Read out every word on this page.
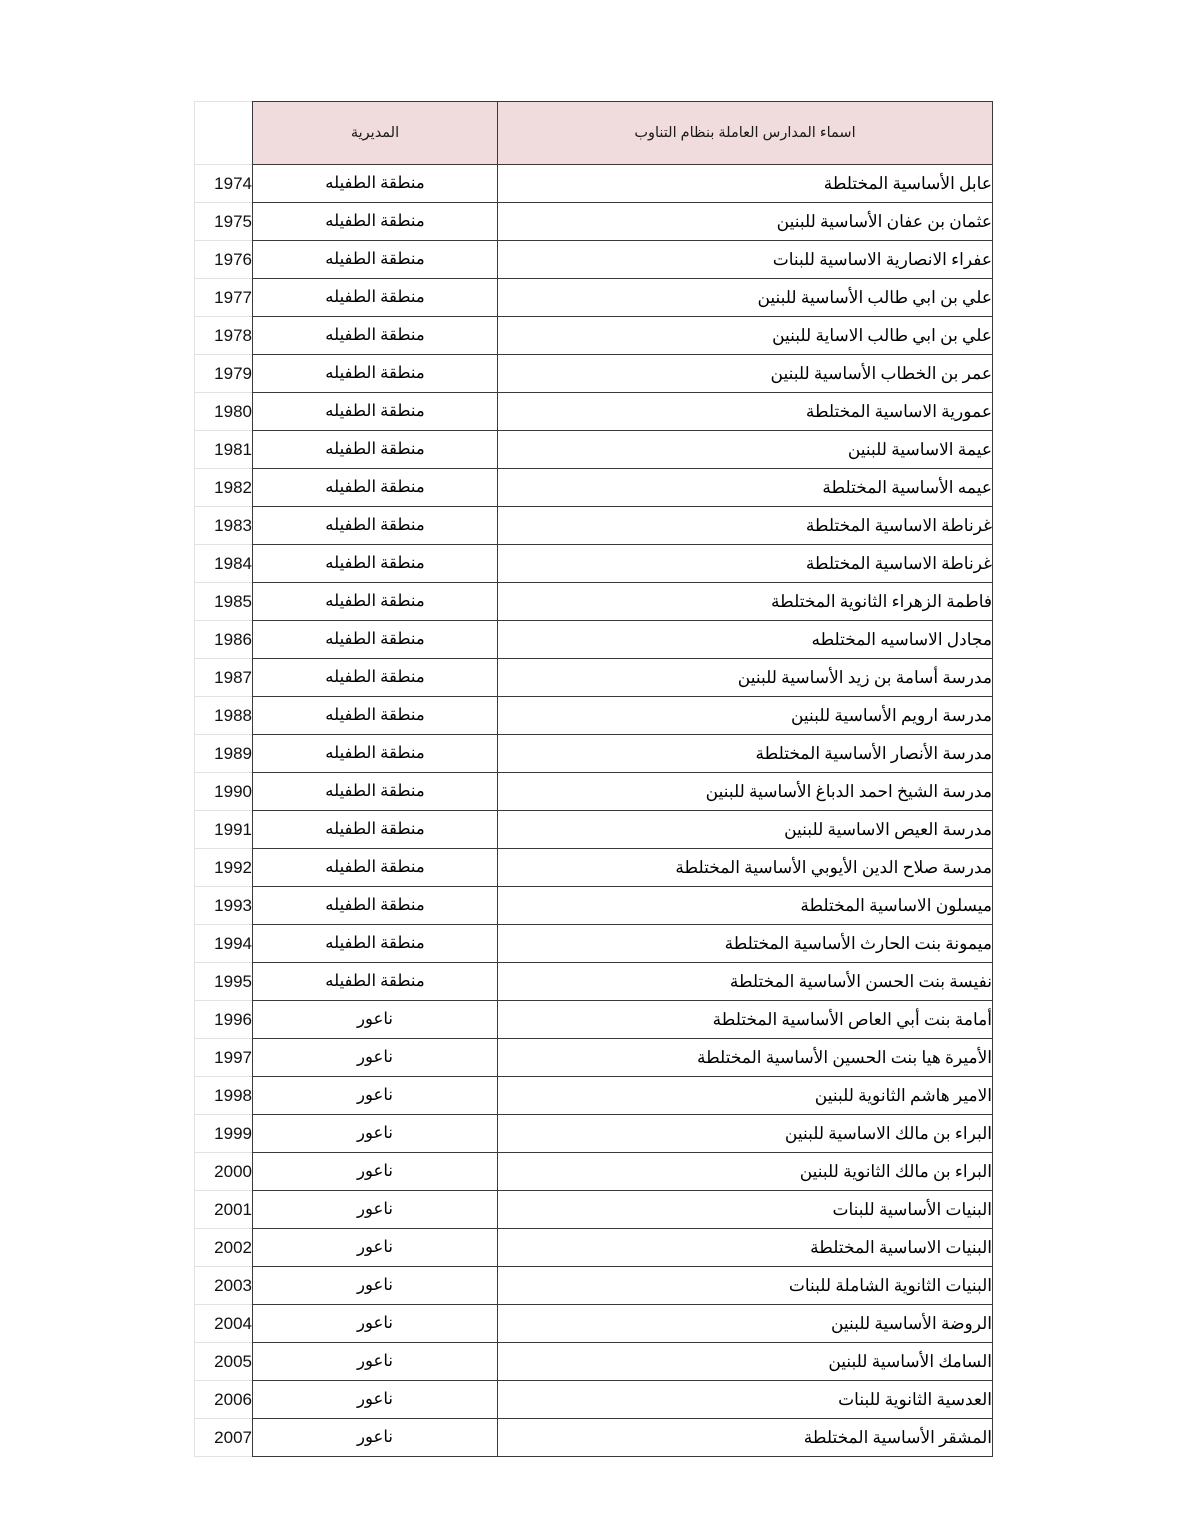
اسماء المدارس العاملة بنظام التناوب	المديرية	
عابل الأساسية المختلطة	منطقة الطفيله	1974
عثمان بن عفان الأساسية للبنين	منطقة الطفيله	1975
عفراء الانصارية الاساسية للبنات	منطقة الطفيله	1976
علي بن ابي طالب الأساسية للبنين	منطقة الطفيله	1977
علي بن ابي طالب الاساية للبنين	منطقة الطفيله	1978
عمر بن الخطاب الأساسية للبنين	منطقة الطفيله	1979
عمورية الاساسية المختلطة	منطقة الطفيله	1980
عيمة الاساسية للبنين	منطقة الطفيله	1981
عيمه الأساسية المختلطة	منطقة الطفيله	1982
غرناطة الاساسية المختلطة	منطقة الطفيله	1983
غرناطة الاساسية المختلطة	منطقة الطفيله	1984
فاطمة الزهراء الثانوية المختلطة	منطقة الطفيله	1985
مجادل الاساسيه المختلطه	منطقة الطفيله	1986
مدرسة أسامة بن زيد الأساسية للبنين	منطقة الطفيله	1987
مدرسة ارويم الأساسية للبنين	منطقة الطفيله	1988
مدرسة الأنصار الأساسية المختلطة	منطقة الطفيله	1989
مدرسة الشيخ احمد الدباغ الأساسية للبنين	منطقة الطفيله	1990
مدرسة العيص الاساسية للبنين	منطقة الطفيله	1991
مدرسة صلاح الدين الأيوبي الأساسية المختلطة	منطقة الطفيله	1992
ميسلون الاساسية المختلطة	منطقة الطفيله	1993
ميمونة بنت الحارث الأساسية المختلطة	منطقة الطفيله	1994
نفيسة بنت الحسن الأساسية المختلطة	منطقة الطفيله	1995
أمامة بنت أبي العاص الأساسية المختلطة	ناعور	1996
الأميرة هيا بنت الحسين الأساسية المختلطة	ناعور	1997
الامير هاشم الثانوية للبنين	ناعور	1998
البراء بن مالك الاساسية للبنين	ناعور	1999
البراء بن مالك الثانوية للبنين	ناعور	2000
البنيات الأساسية للبنات	ناعور	2001
البنيات الاساسية المختلطة	ناعور	2002
البنيات الثانوية الشاملة للبنات	ناعور	2003
الروضة الأساسية للبنين	ناعور	2004
السامك الأساسية للبنين	ناعور	2005
العدسية الثانوية للبنات	ناعور	2006
المشقر الأساسية المختلطة	ناعور	2007
